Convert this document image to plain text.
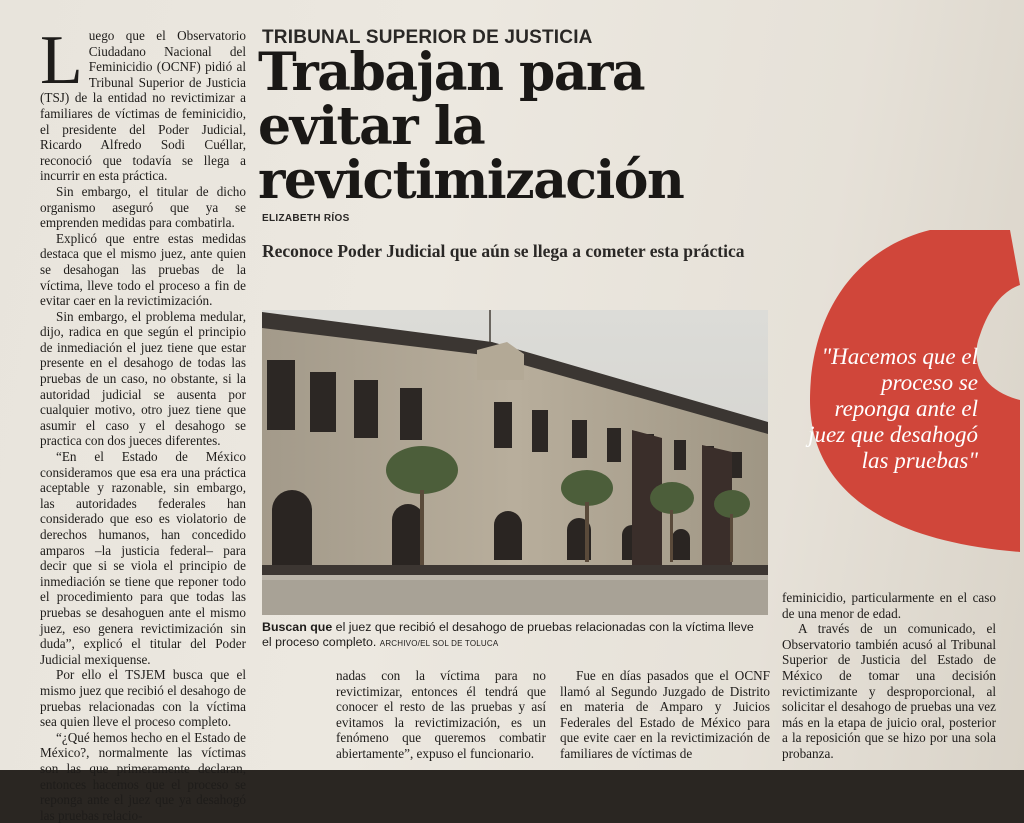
L uego que el Observatorio Ciudadano Nacional del Feminicidio (OCNF) pidió al Tribunal Superior de Justicia (TSJ) de la entidad no revictimizar a familiares de víctimas de feminicidio, el presidente del Poder Judicial, Ricardo Alfredo Sodi Cuéllar, reconoció que todavía se llega a incurrir en esta práctica.

Sin embargo, el titular de dicho organismo aseguró que ya se emprenden medidas para combatirla.

Explicó que entre estas medidas destaca que el mismo juez, ante quien se desahogan las pruebas de la víctima, lleve todo el proceso a fin de evitar caer en la revictimización.

Sin embargo, el problema medular, dijo, radica en que según el principio de inmediación el juez tiene que estar presente en el desahogo de todas las pruebas de un caso, no obstante, si la autoridad judicial se ausenta por cualquier motivo, otro juez tiene que asumir el caso y el desahogo se practica con dos jueces diferentes.

“En el Estado de México consideramos que esa era una práctica aceptable y razonable, sin embargo, las autoridades federales han considerado que eso es violatorio de derechos humanos, han concedido amparos –la justicia federal– para decir que si se viola el principio de inmediación se tiene que reponer todo el procedimiento para que todas las pruebas se desahoguen ante el mismo juez, eso genera revictimización sin duda”, explicó el titular del Poder Judicial mexiquense.

Por ello el TSJEM busca que el mismo juez que recibió el desahogo de pruebas relacionadas con la víctima sea quien lleve el proceso completo.

“¿Qué hemos hecho en el Estado de México?, normalmente las víctimas son las que primeramente declaran, entonces hacemos que el proceso se reponga ante el juez que ya desahogó las pruebas relacio-

TRIBUNAL SUPERIOR DE JUSTICIA
Trabajan para evitar la revictimización
ELIZABETH RÍOS
Reconoce Poder Judicial que aún se llega a cometer esta práctica
Buscan que el juez que recibió el desahogo de pruebas relacionadas con la víctima lleve el proceso completo. ARCHIVO/EL SOL DE TOLUCA

nadas con la víctima para no revictimizar, entonces él tendrá que conocer el resto de las pruebas y así evitamos la revictimización, es un fenómeno que queremos combatir abiertamente”, expuso el funcionario.

Fue en días pasados que el OCNF llamó al Segundo Juzgado de Distrito en materia de Amparo y Juicios Federales del Estado de México para que evite caer en la revictimización de familiares de víctimas de

"Hacemos que el proceso se reponga ante el juez que desahogó las pruebas"

feminicidio, particularmente en el caso de una menor de edad.

A través de un comunicado, el Observatorio también acusó al Tribunal Superior de Justicia del Estado de México de tomar una decisión revictimizante y desproporcional, al solicitar el desahogo de pruebas una vez más en la etapa de juicio oral, posterior a la reposición que se hizo por una sola probanza.
